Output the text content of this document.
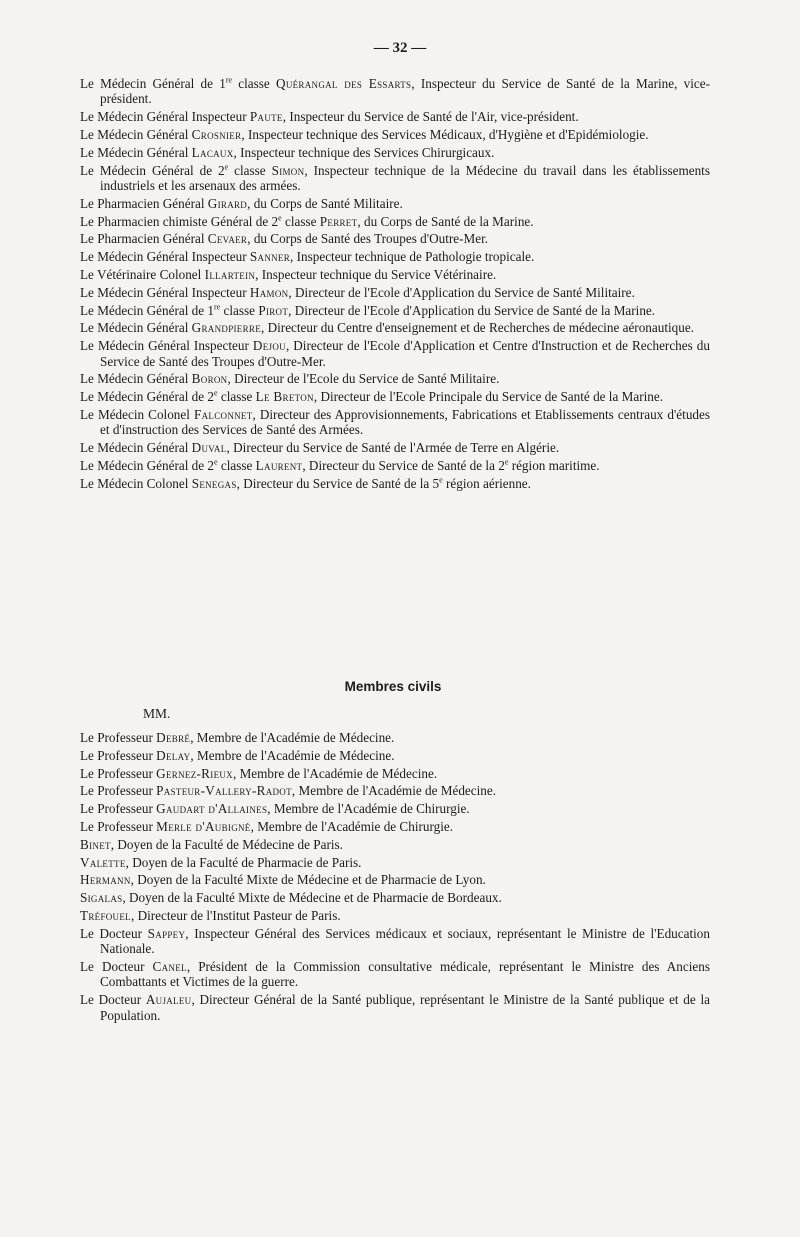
— 32 —
Le Médecin Général de 1re classe Quérangal des Essarts, Inspecteur du Service de Santé de la Marine, vice-président.
Le Médecin Général Inspecteur Paute, Inspecteur du Service de Santé de l'Air, vice-président.
Le Médecin Général Crosnier, Inspecteur technique des Services Médicaux, d'Hygiène et d'Epidémiologie.
Le Médecin Général Lacaux, Inspecteur technique des Services Chirurgicaux.
Le Médecin Général de 2e classe Simon, Inspecteur technique de la Médecine du travail dans les établissements industriels et les arsenaux des armées.
Le Pharmacien Général Girard, du Corps de Santé Militaire.
Le Pharmacien chimiste Général de 2e classe Perret, du Corps de Santé de la Marine.
Le Pharmacien Général Cevaer, du Corps de Santé des Troupes d'Outre-Mer.
Le Médecin Général Inspecteur Sanner, Inspecteur technique de Pathologie tropicale.
Le Vétérinaire Colonel Illartein, Inspecteur technique du Service Vétérinaire.
Le Médecin Général Inspecteur Hamon, Directeur de l'Ecole d'Application du Service de Santé Militaire.
Le Médecin Général de 1re classe Pirot, Directeur de l'Ecole d'Application du Service de Santé de la Marine.
Le Médecin Général Grandpierre, Directeur du Centre d'enseignement et de Recherches de médecine aéronautique.
Le Médecin Général Inspecteur Dejou, Directeur de l'Ecole d'Application et Centre d'Instruction et de Recherches du Service de Santé des Troupes d'Outre-Mer.
Le Médecin Général Boron, Directeur de l'Ecole du Service de Santé Militaire.
Le Médecin Général de 2e classe Le Breton, Directeur de l'Ecole Principale du Service de Santé de la Marine.
Le Médecin Colonel Falconnet, Directeur des Approvisionnements, Fabrications et Etablissements centraux d'études et d'instruction des Services de Santé des Armées.
Le Médecin Général Duval, Directeur du Service de Santé de l'Armée de Terre en Algérie.
Le Médecin Général de 2e classe Laurent, Directeur du Service de Santé de la 2e région maritime.
Le Médecin Colonel Senegas, Directeur du Service de Santé de la 5e région aérienne.
Membres civils
MM.
Le Professeur Debré, Membre de l'Académie de Médecine.
Le Professeur Delay, Membre de l'Académie de Médecine.
Le Professeur Gernez-Rieux, Membre de l'Académie de Médecine.
Le Professeur Pasteur-Vallery-Radot, Membre de l'Académie de Médecine.
Le Professeur Gaudart d'Allaines, Membre de l'Académie de Chirurgie.
Le Professeur Merle d'Aubigné, Membre de l'Académie de Chirurgie.
Binet, Doyen de la Faculté de Médecine de Paris.
Valette, Doyen de la Faculté de Pharmacie de Paris.
Hermann, Doyen de la Faculté Mixte de Médecine et de Pharmacie de Lyon.
Sigalas, Doyen de la Faculté Mixte de Médecine et de Pharmacie de Bordeaux.
Tréfouel, Directeur de l'Institut Pasteur de Paris.
Le Docteur Sappey, Inspecteur Général des Services médicaux et sociaux, représentant le Ministre de l'Education Nationale.
Le Docteur Canel, Président de la Commission consultative médicale, représentant le Ministre des Anciens Combattants et Victimes de la guerre.
Le Docteur Aujaleu, Directeur Général de la Santé publique, représentant le Ministre de la Santé publique et de la Population.
